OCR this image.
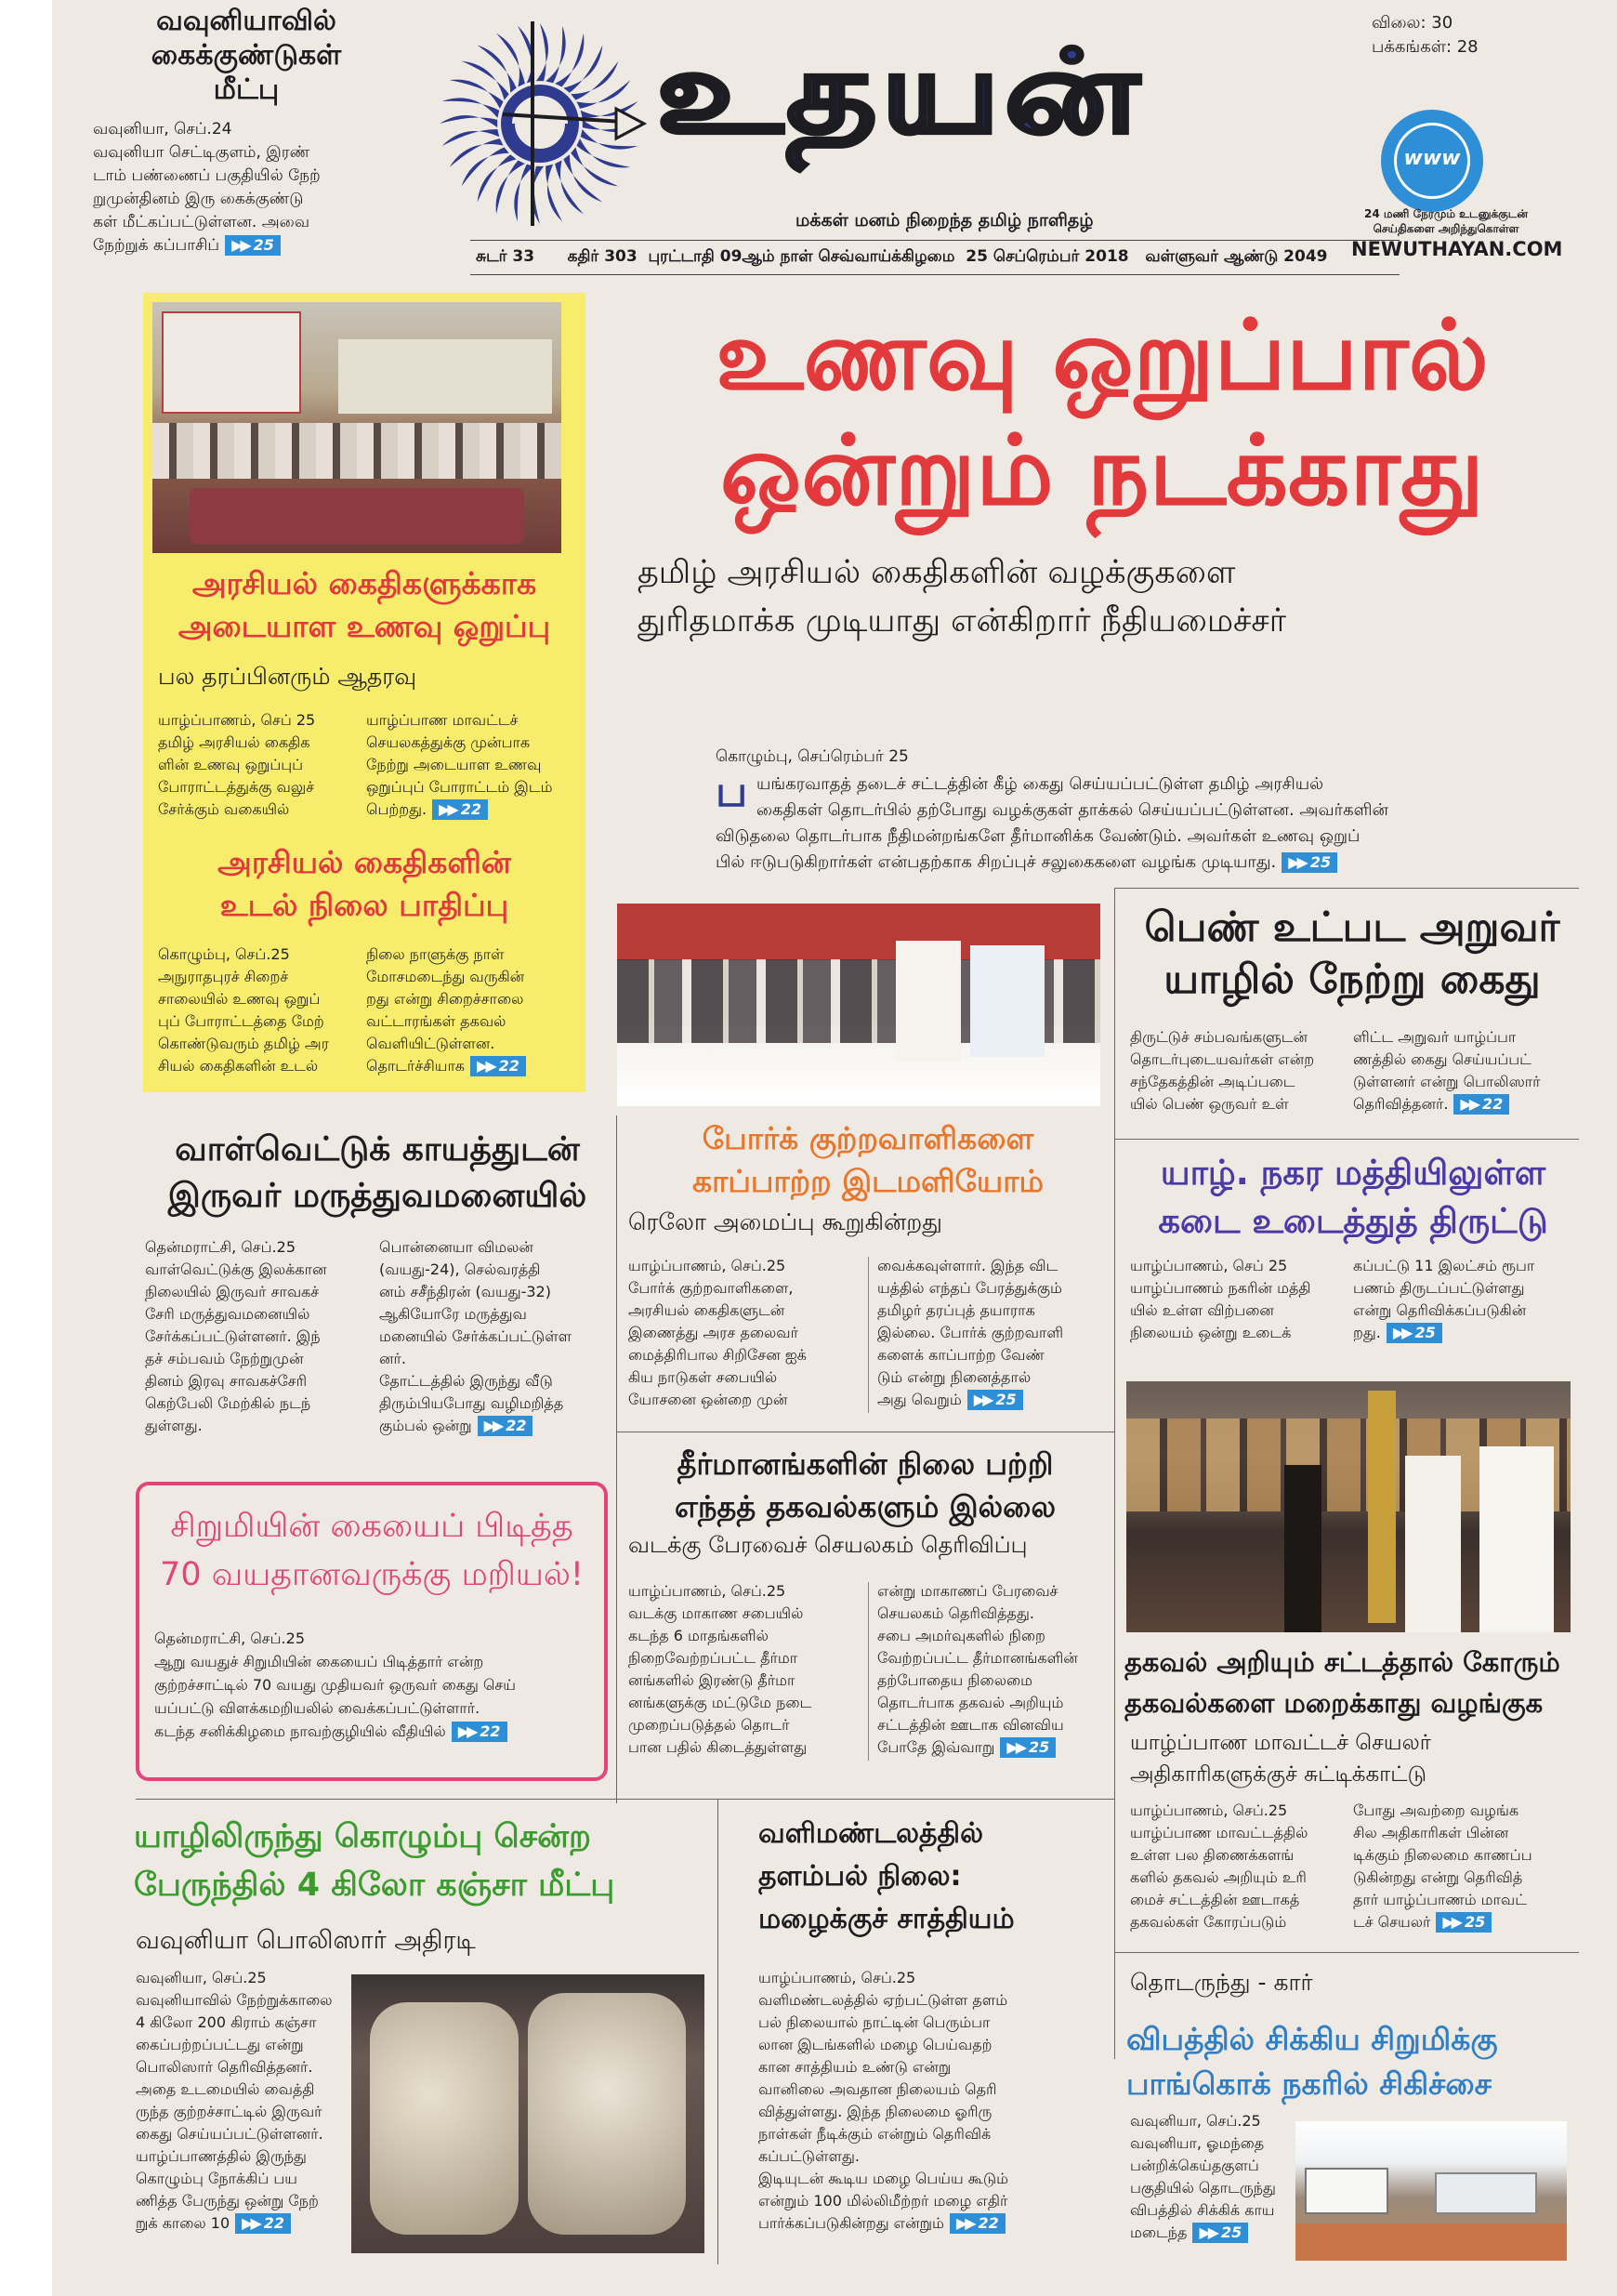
வவுனியாவில்
கைக்குண்டுகள்
மீட்பு
வவுனியா, செப்.24
வவுனியா செட்டிகுளம், இரண்
டாம் பண்ணைப் பகுதியில் நேற்
றுமுன்தினம் இரு கைக்குண்டு
கள் மீட்கப்பட்டுள்ளன. அவை
நேற்றுக் கப்பாசிப் ▶▶ 25
உதயன்
மக்கள் மனம் நிறைந்த தமிழ் நாளிதழ்
சுடர் 33      கதிர் 303  புரட்டாதி 09ஆம் நாள் செவ்வாய்க்கிழமை  25 செப்ரெம்பர் 2018   வள்ளுவர் ஆண்டு 2049
விலை: 30
பக்கங்கள்: 28
www
24 மணி நேரமும் உடனுக்குடன்
செய்திகளை அறிந்துகொள்ள
NEWUTHAYAN.COM
அரசியல் கைதிகளுக்காக
அடையாள உணவு ஒறுப்பு
பல தரப்பினரும் ஆதரவு
யாழ்ப்பாணம், செப் 25
தமிழ் அரசியல் கைதிக
ளின் உணவு ஒறுப்புப்
போராட்டத்துக்கு வலுச்
சேர்க்கும் வகையில்
யாழ்ப்பாண மாவட்டச்
செயலகத்துக்கு முன்பாக
நேற்று அடையாள உணவு
ஒறுப்புப் போராட்டம் இடம்
பெற்றது. ▶▶ 22
அரசியல் கைதிகளின்
உடல் நிலை பாதிப்பு
கொழும்பு, செப்.25
அநுராதபுரச் சிறைச்
சாலையில் உணவு ஒறுப்
புப் போராட்டத்தை மேற்
கொண்டுவரும் தமிழ் அர
சியல் கைதிகளின் உடல்
நிலை நாளுக்கு நாள்
மோசமடைந்து வருகின்
றது என்று சிறைச்சாலை
வட்டாரங்கள் தகவல்
வெளியிட்டுள்ளன.
தொடர்ச்சியாக ▶▶ 22
உணவு ஒறுப்பால்
ஒன்றும் நடக்காது
தமிழ் அரசியல் கைதிகளின் வழக்குகளை
துரிதமாக்க முடியாது என்கிறார் நீதியமைச்சர்
கொழும்பு, செப்ரெம்பர் 25
ப யங்கரவாதத் தடைச் சட்டத்தின் கீழ் கைது செய்யப்பட்டுள்ள தமிழ் அரசியல்
கைதிகள் தொடர்பில் தற்போது வழக்குகள் தாக்கல் செய்யப்பட்டுள்ளன. அவர்களின்
விடுதலை தொடர்பாக நீதிமன்றங்களே தீர்மானிக்க வேண்டும். அவர்கள் உணவு ஒறுப்
பில் ஈடுபடுகிறார்கள் என்பதற்காக சிறப்புச் சலுகைகளை வழங்க முடியாது. ▶▶ 25
பெண் உட்பட அறுவர்
யாழில் நேற்று கைது
திருட்டுச் சம்பவங்களுடன்
தொடர்புடையவர்கள் என்ற
சந்தேகத்தின் அடிப்படை
யில் பெண் ஒருவர் உள்
ளிட்ட அறுவர் யாழ்ப்பா
ணத்தில் கைது செய்யப்பட்
டுள்ளனர் என்று பொலிஸார்
தெரிவித்தனர். ▶▶ 22
வாள்வெட்டுக் காயத்துடன்
இருவர் மருத்துவமனையில்
தென்மராட்சி, செப்.25
வாள்வெட்டுக்கு இலக்கான
நிலையில் இருவர் சாவகச்
சேரி மருத்துவமனையில்
சேர்க்கப்பட்டுள்ளனர். இந்
தச் சம்பவம் நேற்றுமுன்
தினம் இரவு சாவகச்சேரி
கெற்பேலி மேற்கில் நடந்
துள்ளது.
பொன்னையா விமலன்
(வயது-24), செல்வரத்தி
னம் சசீந்திரன் (வயது-32)
ஆகியோரே மருத்துவ
மனையில் சேர்க்கப்பட்டுள்ள
னர்.
தோட்டத்தில் இருந்து வீடு
திரும்பியபோது வழிமறித்த
கும்பல் ஒன்று ▶▶ 22
போர்க் குற்றவாளிகளை
காப்பாற்ற இடமளியோம்
ரெலோ அமைப்பு கூறுகின்றது
யாழ்ப்பாணம், செப்.25
போர்க் குற்றவாளிகளை,
அரசியல் கைதிகளுடன்
இணைத்து அரச தலைவர்
மைத்திரிபால சிறிசேன ஐக்
கிய நாடுகள் சபையில்
யோசனை ஒன்றை முன்
வைக்கவுள்ளார். இந்த விட
யத்தில் எந்தப் பேரத்துக்கும்
தமிழர் தரப்புத் தயாராக
இல்லை. போர்க் குற்றவாளி
களைக் காப்பாற்ற வேண்
டும் என்று நினைத்தால்
அது வெறும் ▶▶ 25
யாழ். நகர மத்தியிலுள்ள
கடை உடைத்துத் திருட்டு
யாழ்ப்பாணம், செப் 25
யாழ்ப்பாணம் நகரின் மத்தி
யில் உள்ள விற்பனை
நிலையம் ஒன்று உடைக்
கப்பட்டு 11 இலட்சம் ரூபா
பணம் திருடப்பட்டுள்ளது
என்று தெரிவிக்கப்படுகின்
றது. ▶▶ 25
தீர்மானங்களின் நிலை பற்றி
எந்தத் தகவல்களும் இல்லை
வடக்கு பேரவைச் செயலகம் தெரிவிப்பு
யாழ்ப்பாணம், செப்.25
வடக்கு மாகாண சபையில்
கடந்த 6 மாதங்களில்
நிறைவேற்றப்பட்ட தீர்மா
னங்களில் இரண்டு தீர்மா
னங்களுக்கு மட்டுமே நடை
முறைப்படுத்தல் தொடர்
பான பதில் கிடைத்துள்ளது
என்று மாகாணப் பேரவைச்
செயலகம் தெரிவித்தது.
சபை அமர்வுகளில் நிறை
வேற்றப்பட்ட தீர்மானங்களின்
தற்போதைய நிலைமை
தொடர்பாக தகவல் அறியும்
சட்டத்தின் ஊடாக வினவிய
போதே இவ்வாறு ▶▶ 25
சிறுமியின் கையைப் பிடித்த
70 வயதானவருக்கு மறியல்!
தென்மராட்சி, செப்.25
ஆறு வயதுச் சிறுமியின் கையைப் பிடித்தார் என்ற
குற்றச்சாட்டில் 70 வயது முதியவர் ஒருவர் கைது செய்
யப்பட்டு விளக்கமறியலில் வைக்கப்பட்டுள்ளார்.
கடந்த சனிக்கிழமை நாவற்குழியில் வீதியில் ▶▶ 22
தகவல் அறியும் சட்டத்தால் கோரும்
தகவல்களை மறைக்காது வழங்குக
யாழ்ப்பாண மாவட்டச் செயலர்
அதிகாரிகளுக்குச் சுட்டிக்காட்டு
யாழ்ப்பாணம், செப்.25
யாழ்ப்பாண மாவட்டத்தில்
உள்ள பல திணைக்களங்
களில் தகவல் அறியும் உரி
மைச் சட்டத்தின் ஊடாகத்
தகவல்கள் கோரப்படும்
போது அவற்றை வழங்க
சில அதிகாரிகள் பின்ன
டிக்கும் நிலைமை காணப்ப
டுகின்றது என்று தெரிவித்
தார் யாழ்ப்பாணம் மாவட்
டச் செயலர் ▶▶ 25
யாழிலிருந்து கொழும்பு சென்ற
பேருந்தில் 4 கிலோ கஞ்சா மீட்பு
வவுனியா பொலிஸார் அதிரடி
வவுனியா, செப்.25
வவுனியாவில் நேற்றுக்காலை
4 கிலோ 200 கிராம் கஞ்சா
கைப்பற்றப்பட்டது என்று
பொலிஸார் தெரிவித்தனர்.
அதை உடமையில் வைத்தி
ருந்த குற்றச்சாட்டில் இருவர்
கைது செய்யப்பட்டுள்ளனர்.
யாழ்ப்பாணத்தில் இருந்து
கொழும்பு நோக்கிப் பய
ணித்த பேருந்து ஒன்று நேற்
றுக் காலை 10 ▶▶ 22
வளிமண்டலத்தில்
தளம்பல் நிலை:
மழைக்குச் சாத்தியம்
யாழ்ப்பாணம், செப்.25
வளிமண்டலத்தில் ஏற்பட்டுள்ள தளம்
பல் நிலையால் நாட்டின் பெரும்பா
லான இடங்களில் மழை பெய்வதற்
கான சாத்தியம் உண்டு என்று
வானிலை அவதான நிலையம் தெரி
வித்துள்ளது. இந்த நிலைமை ஓரிரு
நாள்கள் நீடிக்கும் என்றும் தெரிவிக்
கப்பட்டுள்ளது.
இடியுடன் கூடிய மழை பெய்ய கூடும்
என்றும் 100 மில்லிமீற்றர் மழை எதிர்
பார்க்கப்படுகின்றது என்றும் ▶▶ 22
தொடருந்து - கார்
விபத்தில் சிக்கிய சிறுமிக்கு
பாங்கொக் நகரில் சிகிச்சை
வவுனியா, செப்.25
வவுனியா, ஓமந்தை
பன்றிக்கெய்தகுளப்
பகுதியில் தொடருந்து
விபத்தில் சிக்கிக் காய
மடைந்த ▶▶ 25
